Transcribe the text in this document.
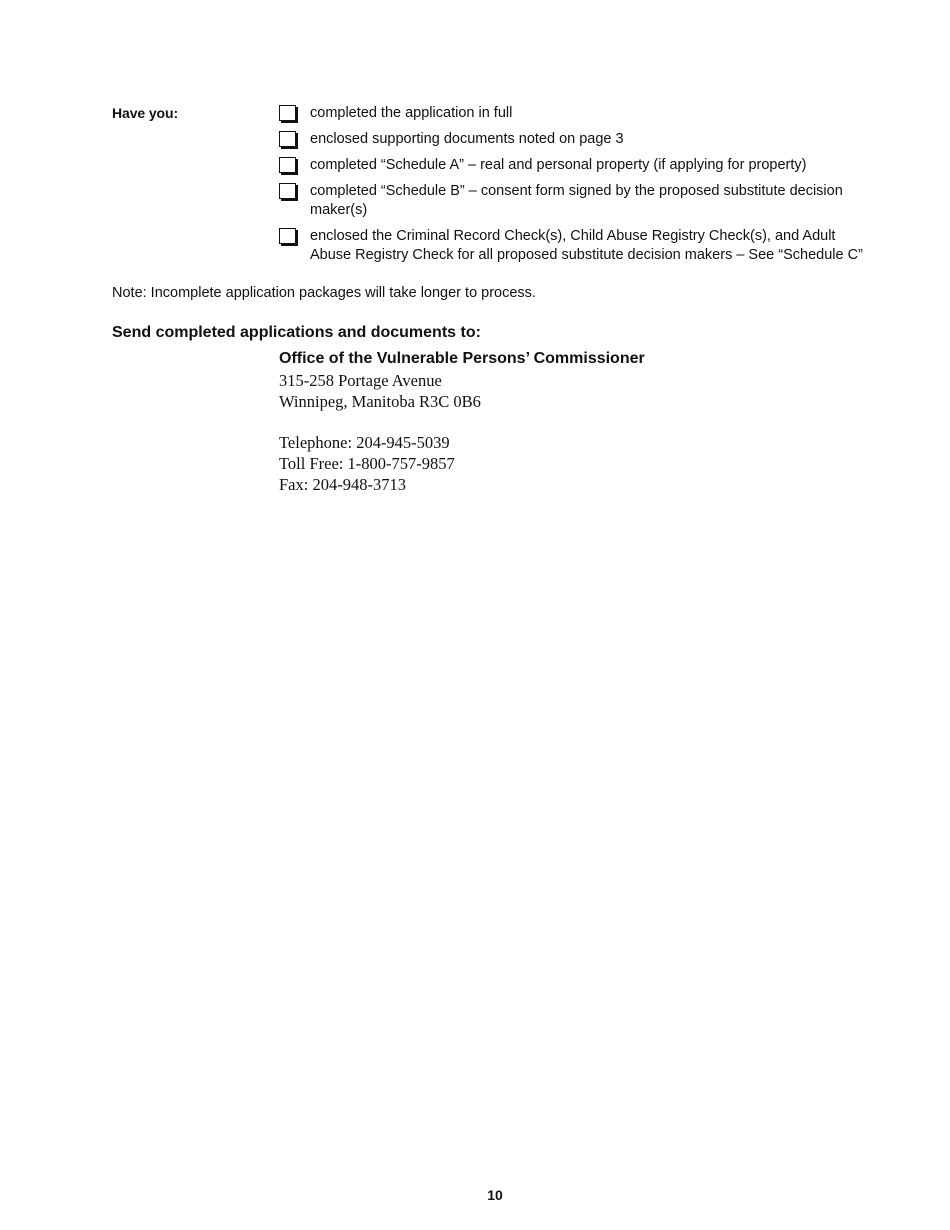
Have you:	completed the application in full
enclosed supporting documents noted on page 3
completed “Schedule A” – real and personal property (if applying for property)
completed “Schedule B” – consent form signed by the proposed substitute decision maker(s)
enclosed the Criminal Record Check(s), Child Abuse Registry Check(s), and Adult Abuse Registry Check for all proposed substitute decision makers – See “Schedule C”
Note: Incomplete application packages will take longer to process.
Send completed applications and documents to:
Office of the Vulnerable Persons’ Commissioner
315-258 Portage Avenue
Winnipeg, Manitoba R3C 0B6
Telephone: 204-945-5039
Toll Free: 1-800-757-9857
Fax: 204-948-3713
10
